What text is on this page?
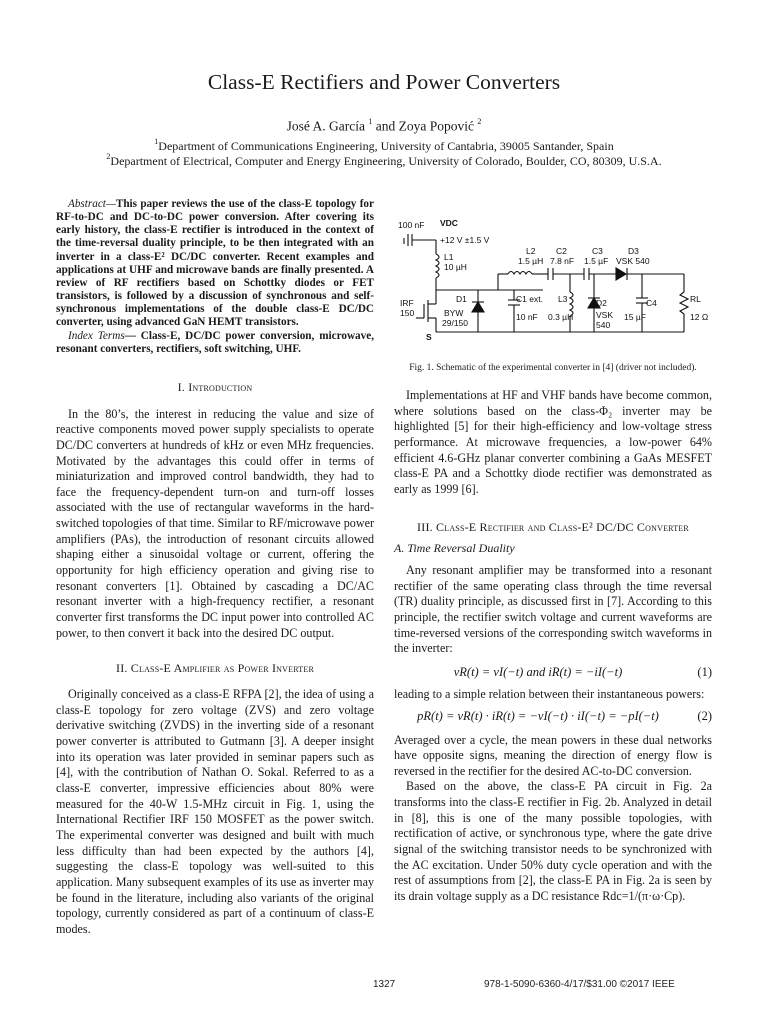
Class-E Rectifiers and Power Converters
José A. García $^1$ and Zoya Popović $^2$
$^1$Department of Communications Engineering, University of Cantabria, 39005 Santander, Spain
$^2$Department of Electrical, Computer and Energy Engineering, University of Colorado, Boulder, CO, 80309, U.S.A.

Abstract—This paper reviews the use of the class-E topology for RF-to-DC and DC-to-DC power conversion. After covering its early history, the class-E rectifier is introduced in the context of the time-reversal duality principle, to be then integrated with an inverter in a class-E² DC/DC converter. Recent examples and applications at UHF and microwave bands are finally presented. A review of RF rectifiers based on Schottky diodes or FET transistors, is followed by a discussion of synchronous and self-synchronous implementations of the double class-E DC/DC converter, using advanced GaN HEMT transistors.

Index Terms— Class-E, DC/DC power conversion, microwave, resonant converters, rectifiers, soft switching, UHF.

I. Introduction

In the 80’s, the interest in reducing the value and size of reactive components moved power supply specialists to operate DC/DC converters at hundreds of kHz or even MHz frequencies. Motivated by the advantages this could offer in terms of miniaturization and improved control bandwidth, they had to face the frequency-dependent turn-on and turn-off losses associated with the use of rectangular waveforms in the hard-switched topologies of that time. Similar to RF/microwave power amplifiers (PAs), the introduction of resonant circuits allowed shaping either a sinusoidal voltage or current, offering the opportunity for high efficiency operation and giving rise to resonant converters [1]. Obtained by cascading a DC/AC resonant inverter with a high-frequency rectifier, a resonant converter first transforms the DC input power into controlled AC power, to then convert it back into the desired DC output.

II. Class-E Amplifier as Power Inverter

Originally conceived as a class-E RFPA [2], the idea of using a class-E topology for zero voltage (ZVS) and zero voltage derivative switching (ZVDS) in the inverting side of a resonant power converter is attributed to Gutmann [3]. A deeper insight into its operation was later provided in seminar papers such as [4], with the contribution of Nathan O. Sokal. Referred to as a class-E converter, impressive efficiencies about 80% were measured for the 40-W 1.5-MHz circuit in Fig. 1, using the International Rectifier IRF 150 MOSFET as the power switch. The experimental converter was designed and built with much less difficulty than had been expected by the authors [4], suggesting the class-E topology was well-suited to this application. Many subsequent examples of its use as inverter may be found in the literature, including also variants of the original topology, currently considered as part of a continuum of class-E modes.

100 nF VDC
+12 V ±1.5 V
L1
10 µH
L2
1.5 µH
C2
7.8 nF
C3
1.5 µF
D3
VSK 540
IRF
150
S
D1
BYW
29/150
C1 ext.
10 nF
L3
0.3 µH
D2
VSK
540
C4
15 µF
RL
12 Ω
Fig. 1. Schematic of the experimental converter in [4] (driver not included).

Implementations at HF and VHF bands have become common, where solutions based on the class-Φ₂ inverter may be highlighted [5] for their high-efficiency and low-voltage stress performance. At microwave frequencies, a low-power 64% efficient 4.6-GHz planar converter combining a GaAs MESFET class-E PA and a Schottky diode rectifier was demonstrated as early as 1999 [6].

III. Class-E Rectifier and Class-E² DC/DC Converter
A. Time Reversal Duality

Any resonant amplifier may be transformed into a resonant rectifier of the same operating class through the time reversal (TR) duality principle, as discussed first in [7]. According to this principle, the rectifier switch voltage and current waveforms are time-reversed versions of the corresponding switch waveforms in the inverter:

vR(t) = vI(−t) and iR(t) = −iI(−t)	(1)

leading to a simple relation between their instantaneous powers:

pR(t) = vR(t) · iR(t) = −vI(−t) · iI(−t) = −pI(−t)	(2)

Averaged over a cycle, the mean powers in these dual networks have opposite signs, meaning the direction of energy flow is reversed in the rectifier for the desired AC-to-DC conversion.

Based on the above, the class-E PA circuit in Fig. 2a transforms into the class-E rectifier in Fig. 2b. Analyzed in detail in [8], this is one of the many possible topologies, with rectification of active, or synchronous type, where the gate drive signal of the switching transistor needs to be synchronized with the AC excitation. Under 50% duty cycle operation and with the rest of assumptions from [2], the class-E PA in Fig. 2a is seen by its drain voltage supply as a DC resistance Rdc=1/(π·ω·Cp).

1327	978-1-5090-6360-4/17/$31.00 ©2017 IEEE
